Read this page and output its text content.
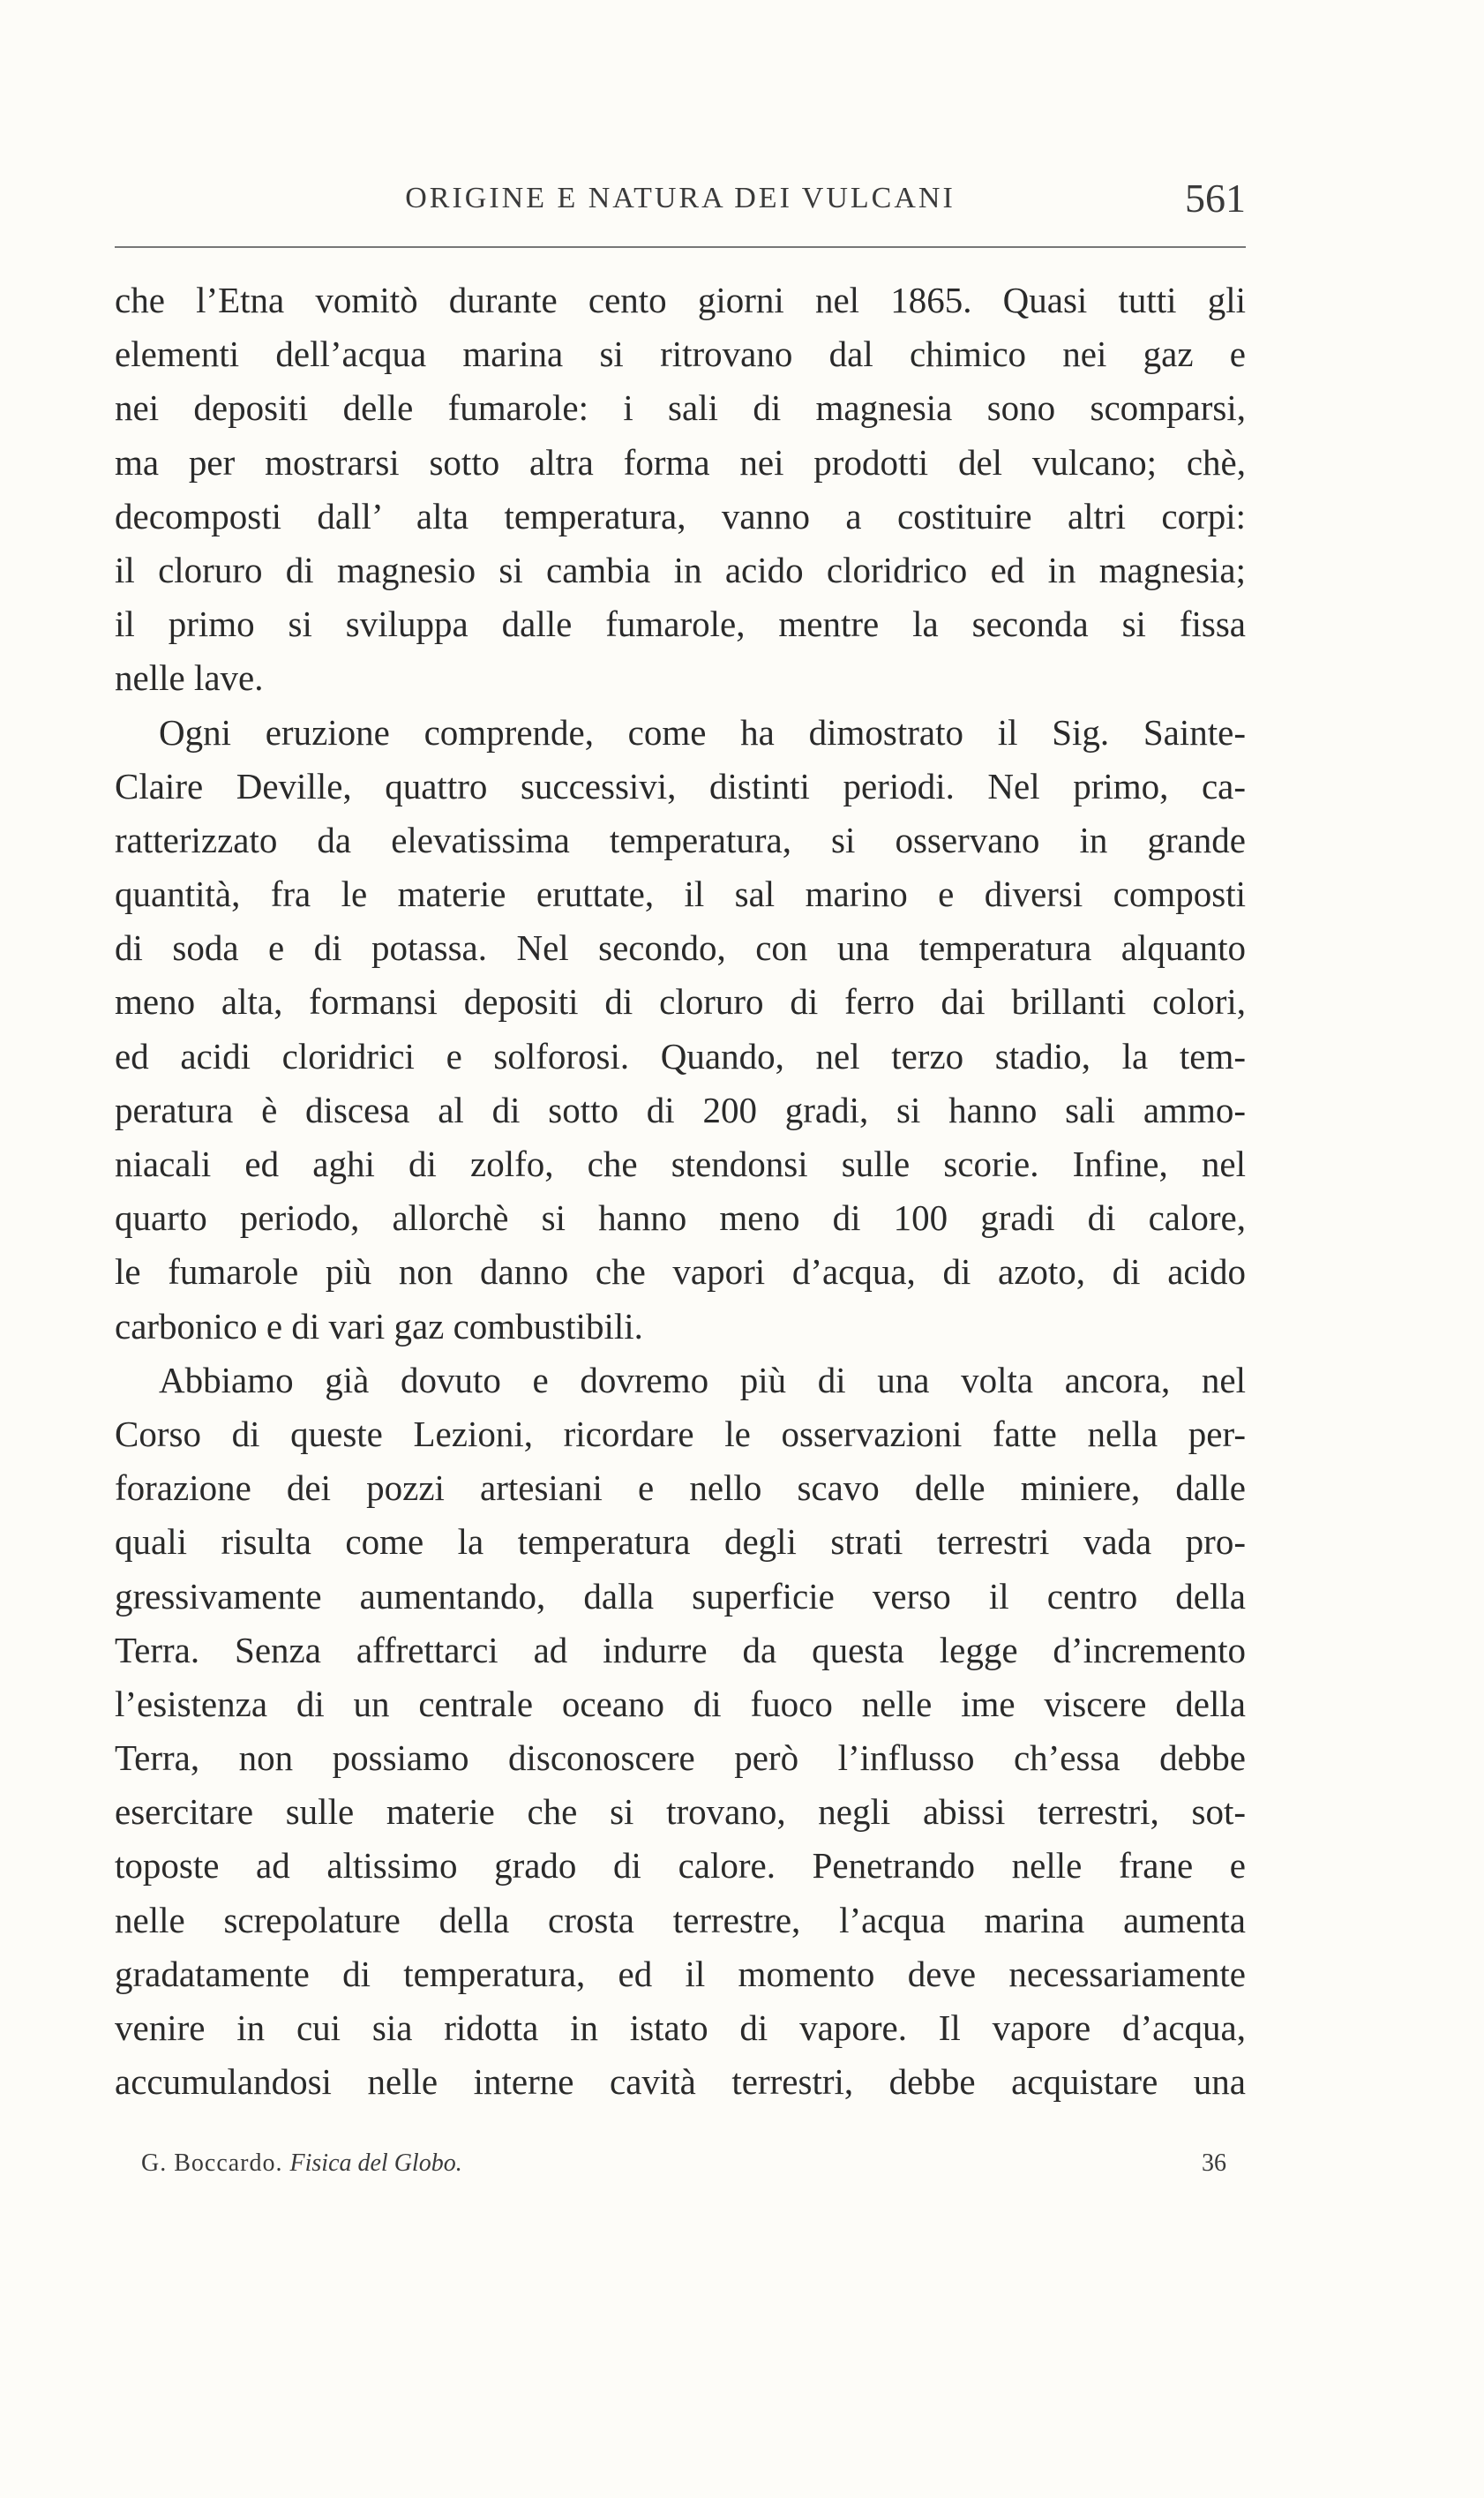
ORIGINE E NATURA DEI VULCANI	561
che l’Etna vomitò durante cento giorni nel 1865. Quasi tutti gli
elementi dell’acqua marina si ritrovano dal chimico nei gaz e
nei depositi delle fumarole: i sali di magnesia sono scomparsi,
ma per mostrarsi sotto altra forma nei prodotti del vulcano; chè,
decomposti dall’ alta temperatura, vanno a costituire altri corpi:
il cloruro di magnesio si cambia in acido cloridrico ed in magnesia;
il primo si sviluppa dalle fumarole, mentre la seconda si fissa
nelle lave.
Ogni eruzione comprende, come ha dimostrato il Sig. Sainte-
Claire Deville, quattro successivi, distinti periodi. Nel primo, ca-
ratterizzato da elevatissima temperatura, si osservano in grande
quantità, fra le materie eruttate, il sal marino e diversi composti
di soda e di potassa. Nel secondo, con una temperatura alquanto
meno alta, formansi depositi di cloruro di ferro dai brillanti colori,
ed acidi cloridrici e solforosi. Quando, nel terzo stadio, la tem-
peratura è discesa al di sotto di 200 gradi, si hanno sali ammo-
niacali ed aghi di zolfo, che stendonsi sulle scorie. Infine, nel
quarto periodo, allorchè si hanno meno di 100 gradi di calore,
le fumarole più non danno che vapori d’acqua, di azoto, di acido
carbonico e di vari gaz combustibili.
Abbiamo già dovuto e dovremo più di una volta ancora, nel
Corso di queste Lezioni, ricordare le osservazioni fatte nella per-
forazione dei pozzi artesiani e nello scavo delle miniere, dalle
quali risulta come la temperatura degli strati terrestri vada pro-
gressivamente aumentando, dalla superficie verso il centro della
Terra. Senza affrettarci ad indurre da questa legge d’incremento
l’esistenza di un centrale oceano di fuoco nelle ime viscere della
Terra, non possiamo disconoscere però l’influsso ch’essa debbe
esercitare sulle materie che si trovano, negli abissi terrestri, sot-
toposte ad altissimo grado di calore. Penetrando nelle frane e
nelle screpolature della crosta terrestre, l’acqua marina aumenta
gradatamente di temperatura, ed il momento deve necessariamente
venire in cui sia ridotta in istato di vapore. Il vapore d’acqua,
accumulandosi nelle interne cavità terrestri, debbe acquistare una
G. Boccardo. Fisica del Globo.	36
